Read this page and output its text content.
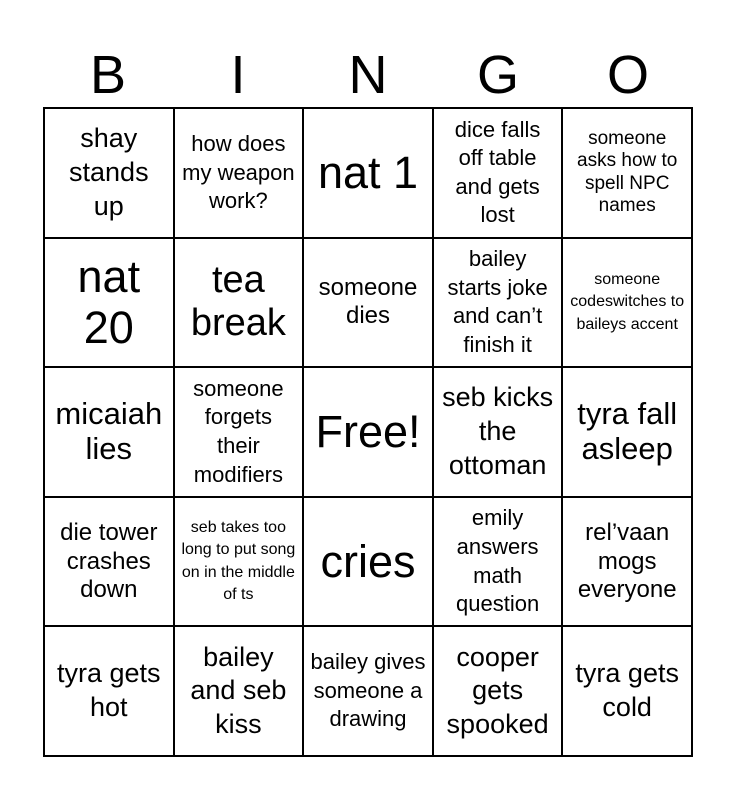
B	I	N	G	O
shay stands up
how does my weapon work?
nat 1
dice falls off table and gets lost
someone asks how to spell NPC names
nat 20
tea break
someone dies
bailey starts joke and can’t finish it
someone codeswitches to baileys accent
micaiah lies
someone forgets their modifiers
Free!
seb kicks the ottoman
tyra fall asleep
die tower crashes down
seb takes too long to put song on in the middle of ts
cries
emily answers math question
rel’vaan mogs everyone
tyra gets hot
bailey and seb kiss
bailey gives someone a drawing
cooper gets spooked
tyra gets cold
